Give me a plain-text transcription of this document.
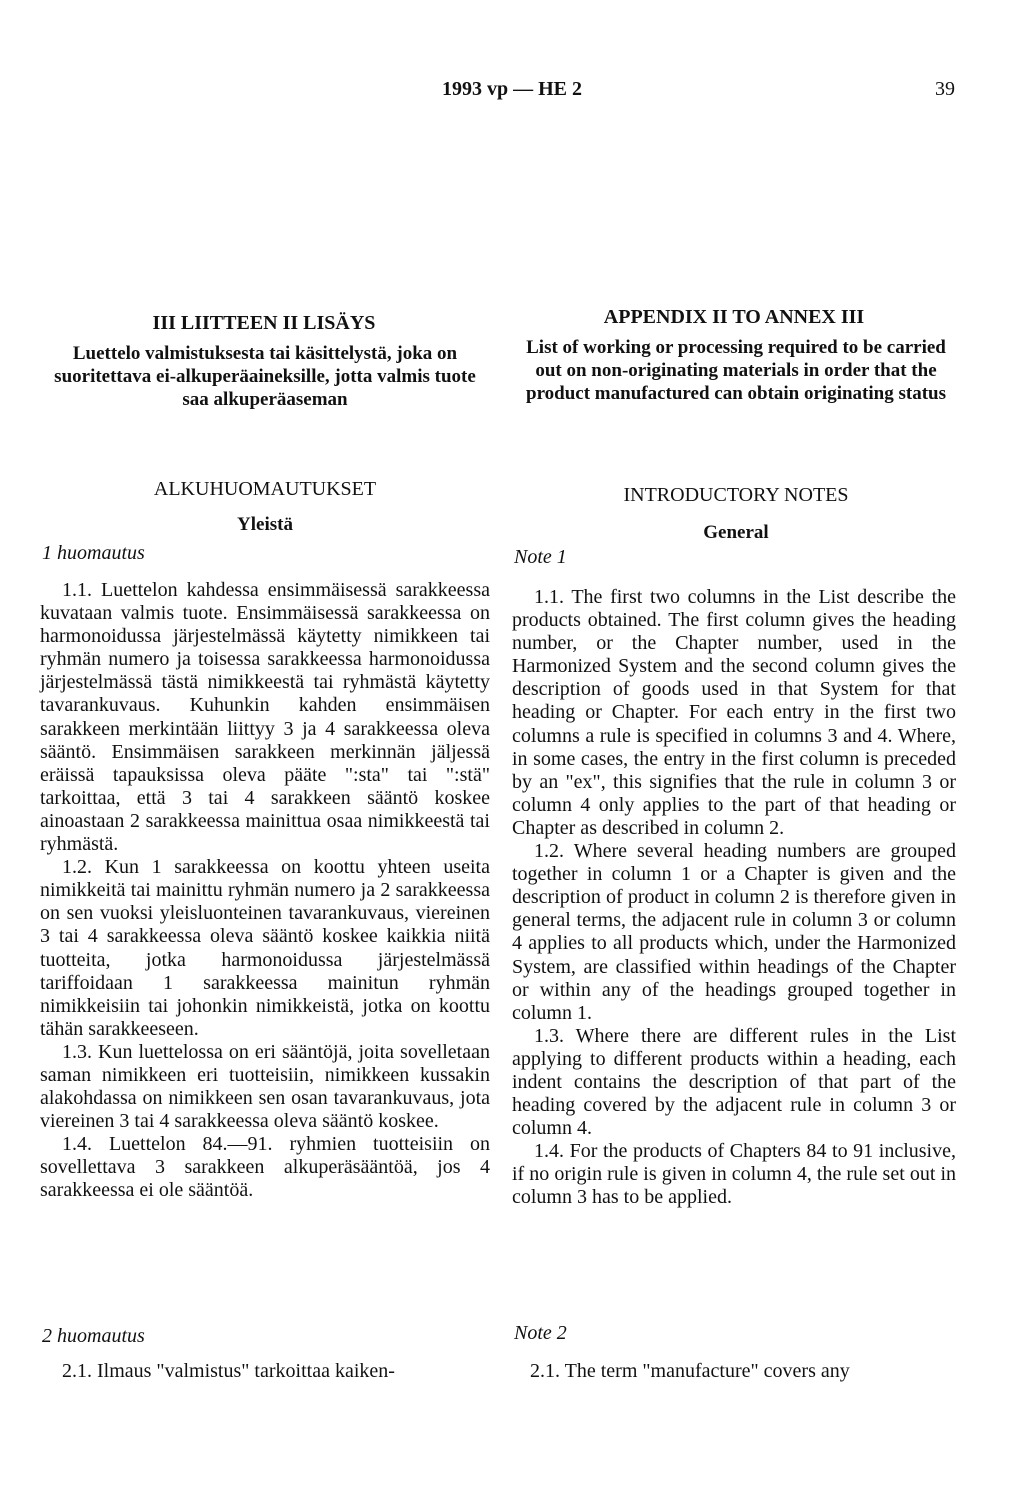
1993 vp — HE 2	39
III LIITTEEN II LISÄYS
Luettelo valmistuksesta tai käsittelystä, joka on suoritettava ei-alkuperäaineksille, jotta valmis tuote saa alkuperäaseman
ALKUHUOMAUTUKSET
Yleistä
1 huomautus

1.1. Luettelon kahdessa ensimmäisessä sarakkeessa kuvataan valmis tuote. Ensimmäisessä sarakkeessa on harmonoidussa järjestelmässä käytetty nimikkeen tai ryhmän numero ja toisessa sarakkeessa harmonoidussa järjestelmässä tästä nimikkeestä tai ryhmästä käytetty tavarankuvaus. Kuhunkin kahden ensimmäisen sarakkeen merkintään liittyy 3 ja 4 sarakkeessa oleva sääntö. Ensimmäisen sarakkeen merkinnän jäljessä eräissä tapauksissa oleva pääte ":sta" tai ":stä" tarkoittaa, että 3 tai 4 sarakkeen sääntö koskee ainoastaan 2 sarakkeessa mainittua osaa nimikkeestä tai ryhmästä.

1.2. Kun 1 sarakkeessa on koottu yhteen useita nimikkeitä tai mainittu ryhmän numero ja 2 sarakkeessa on sen vuoksi yleisluonteinen tavarankuvaus, viereinen 3 tai 4 sarakkeessa oleva sääntö koskee kaikkia niitä tuotteita, jotka harmonoidussa järjestelmässä tariffoidaan 1 sarakkeessa mainitun ryhmän nimikkeisiin tai johonkin nimikkeistä, jotka on koottu tähän sarakkeeseen.

1.3. Kun luettelossa on eri sääntöjä, joita sovelletaan saman nimikkeen eri tuotteisiin, nimikkeen kussakin alakohdassa on nimikkeen sen osan tavarankuvaus, jota viereinen 3 tai 4 sarakkeessa oleva sääntö koskee.

1.4. Luettelon 84.—91. ryhmien tuotteisiin on sovellettava 3 sarakkeen alkuperäsääntöä, jos 4 sarakkeessa ei ole sääntöä.

2 huomautus
2.1. Ilmaus "valmistus" tarkoittaa kaiken-
APPENDIX II TO ANNEX III
List of working or processing required to be carried out on non-originating materials in order that the product manufactured can obtain originating status
INTRODUCTORY NOTES
General
Note 1

1.1. The first two columns in the List describe the products obtained. The first column gives the heading number, or the Chapter number, used in the Harmonized System and the second column gives the description of goods used in that System for that heading or Chapter. For each entry in the first two columns a rule is specified in columns 3 and 4. Where, in some cases, the entry in the first column is preceded by an "ex", this signifies that the rule in column 3 or column 4 only applies to the part of that heading or Chapter as described in column 2.

1.2. Where several heading numbers are grouped together in column 1 or a Chapter is given and the description of product in column 2 is therefore given in general terms, the adjacent rule in column 3 or column 4 applies to all products which, under the Harmonized System, are classified within headings of the Chapter or within any of the headings grouped together in column 1.

1.3. Where there are different rules in the List applying to different products within a heading, each indent contains the description of that part of the heading covered by the adjacent rule in column 3 or column 4.

1.4. For the products of Chapters 84 to 91 inclusive, if no origin rule is given in column 4, the rule set out in column 3 has to be applied.

Note 2
2.1. The term "manufacture" covers any
